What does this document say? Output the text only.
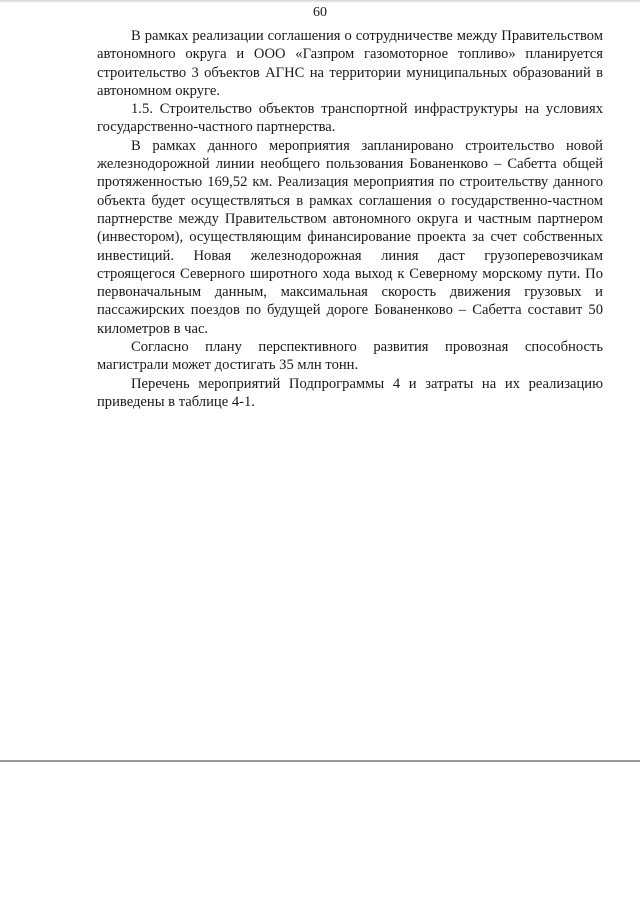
60

В рамках реализации соглашения о сотрудничестве между Правительством автономного округа и ООО «Газпром газомоторное топливо» планируется строительство 3 объектов АГНС на территории муниципальных образований в автономном округе.

1.5. Строительство объектов транспортной инфраструктуры на условиях государственно-частного партнерства.

В рамках данного мероприятия запланировано строительство новой железнодорожной линии необщего пользования Бованенково – Сабетта общей протяженностью 169,52 км. Реализация мероприятия по строительству данного объекта будет осуществляться в рамках соглашения о государственно-частном партнерстве между Правительством автономного округа и частным партнером (инвестором), осуществляющим финансирование проекта за счет собственных инвестиций. Новая железнодорожная линия даст грузоперевозчикам строящегося Северного широтного хода выход к Северному морскому пути. По первоначальным данным, максимальная скорость движения грузовых и пассажирских поездов по будущей дороге Бованенково – Сабетта составит 50 километров в час.

Согласно плану перспективного развития провозная способность магистрали может достигать 35 млн тонн.

Перечень мероприятий Подпрограммы 4 и затраты на их реализацию приведены в таблице 4-1.
